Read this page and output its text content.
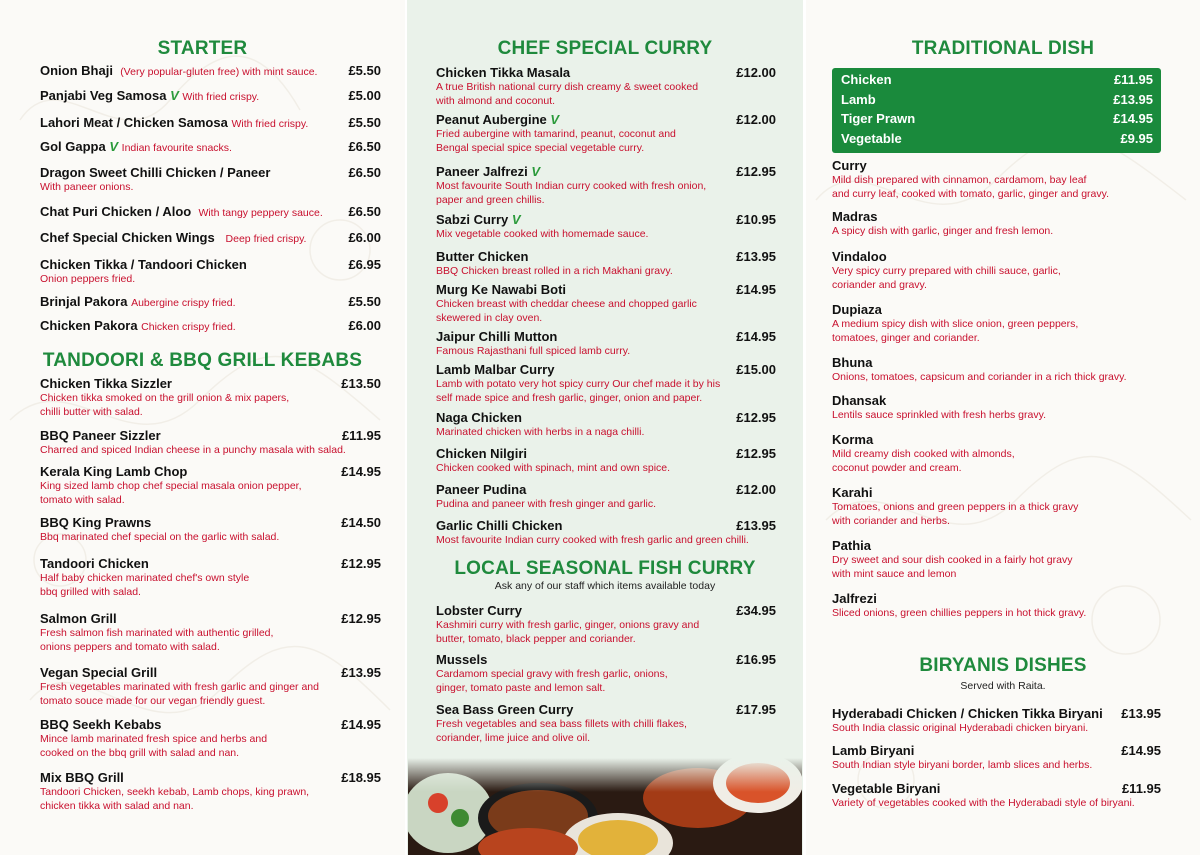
STARTER
Onion Bhaji (Very popular-gluten free) with mint sauce.	£5.50
Panjabi Veg Samosa V With fried crispy.	£5.00
Lahori Meat / Chicken Samosa With fried crispy.	£5.50
Gol Gappa V Indian favourite snacks.	£6.50
Dragon Sweet Chilli Chicken / Paneer
With paneer onions.
£6.50
Chat Puri Chicken / Aloo With tangy peppery sauce.	£6.50
Chef Special Chicken Wings Deep fried crispy.	£6.00
Chicken Tikka / Tandoori Chicken
Onion peppers fried.
£6.95
Brinjal Pakora Aubergine crispy fried.	£5.50
Chicken Pakora Chicken crispy fried.	£6.00
TANDOORI & BBQ GRILL KEBABS
Chicken Tikka Sizzler
Chicken tikka smoked on the grill onion & mix papers,
chilli butter with salad.
£13.50
BBQ Paneer Sizzler
Charred and spiced Indian cheese in a punchy masala with salad.
£11.95
Kerala King Lamb Chop
King sized lamb chop chef special masala onion pepper,
tomato with salad.
£14.95
BBQ King Prawns
Bbq marinated chef special on the garlic with salad.
£14.50
Tandoori Chicken
Half baby chicken marinated chef's own style
bbq grilled with salad.
£12.95
Salmon Grill
Fresh salmon fish marinated with authentic grilled,
onions peppers and tomato with salad.
£12.95
Vegan Special Grill
Fresh vegetables marinated with fresh garlic and ginger and
tomato souce made for our vegan friendly guest.
£13.95
BBQ Seekh Kebabs
Mince lamb marinated fresh spice and herbs and
cooked on the bbq grill with salad and nan.
£14.95
Mix BBQ Grill
Tandoori Chicken, seekh kebab, Lamb chops, king prawn,
chicken tikka with salad and nan.
£18.95
CHEF SPECIAL CURRY
Chicken Tikka Masala
A true British national curry dish creamy & sweet cooked
with almond and coconut.
£12.00
Peanut Aubergine V
Fried aubergine with tamarind, peanut, coconut and
Bengal special spice special vegetable curry.
£12.00
Paneer Jalfrezi V
Most favourite South Indian curry cooked with fresh onion,
paper and green chillis.
£12.95
Sabzi Curry V
Mix vegetable cooked with homemade sauce.
£10.95
Butter Chicken
BBQ Chicken breast rolled in a rich Makhani gravy.
£13.95
Murg Ke Nawabi Boti
Chicken breast with cheddar cheese and chopped garlic
skewered in clay oven.
£14.95
Jaipur Chilli Mutton
Famous Rajasthani full spiced lamb curry.
£14.95
Lamb Malbar Curry
Lamb with potato very hot spicy curry Our chef made it by his
self made spice and fresh garlic, ginger, onion and paper.
£15.00
Naga Chicken
Marinated chicken with herbs in a naga chilli.
£12.95
Chicken Nilgiri
Chicken cooked with spinach, mint and own spice.
£12.95
Paneer Pudina
Pudina and paneer with fresh ginger and garlic.
£12.00
Garlic Chilli Chicken
Most favourite Indian curry cooked with fresh garlic and green chilli.
£13.95
LOCAL SEASONAL FISH CURRY
Ask any of our staff which items available today
Lobster Curry
Kashmiri curry with fresh garlic, ginger, onions gravy and
butter, tomato, black pepper and coriander.
£34.95
Mussels
Cardamom special gravy with fresh garlic, onions,
ginger, tomato paste and lemon salt.
£16.95
Sea Bass Green Curry
Fresh vegetables and sea bass fillets with chilli flakes,
coriander, lime juice and olive oil.
£17.95
TRADITIONAL DISH
Chicken	£11.95
Lamb	£13.95
Tiger Prawn	£14.95
Vegetable	£9.95
Curry
Mild dish prepared with cinnamon, cardamom, bay leaf
and curry leaf, cooked with tomato, garlic, ginger and gravy.
Madras
A spicy dish with garlic, ginger and fresh lemon.
Vindaloo
Very spicy curry prepared with chilli sauce, garlic,
coriander and gravy.
Dupiaza
A medium spicy dish with slice onion, green peppers,
tomatoes, ginger and coriander.
Bhuna
Onions, tomatoes, capsicum and coriander in a rich thick gravy.
Dhansak
Lentils sauce sprinkled with fresh herbs gravy.
Korma
Mild creamy dish cooked with almonds,
coconut powder and cream.
Karahi
Tomatoes, onions and green peppers in a thick gravy
with coriander and herbs.
Pathia
Dry sweet and sour dish cooked in a fairly hot gravy
with mint sauce and lemon
Jalfrezi
Sliced onions, green chillies peppers in hot thick gravy.
BIRYANIS DISHES
Served with Raita.
Hyderabadi Chicken / Chicken Tikka Biryani
South India classic original Hyderabadi chicken biryani.
£13.95
Lamb Biryani
South Indian style biryani border, lamb slices and herbs.
£14.95
Vegetable Biryani
Variety of vegetables cooked with the Hyderabadi style of biryani.
£11.95
